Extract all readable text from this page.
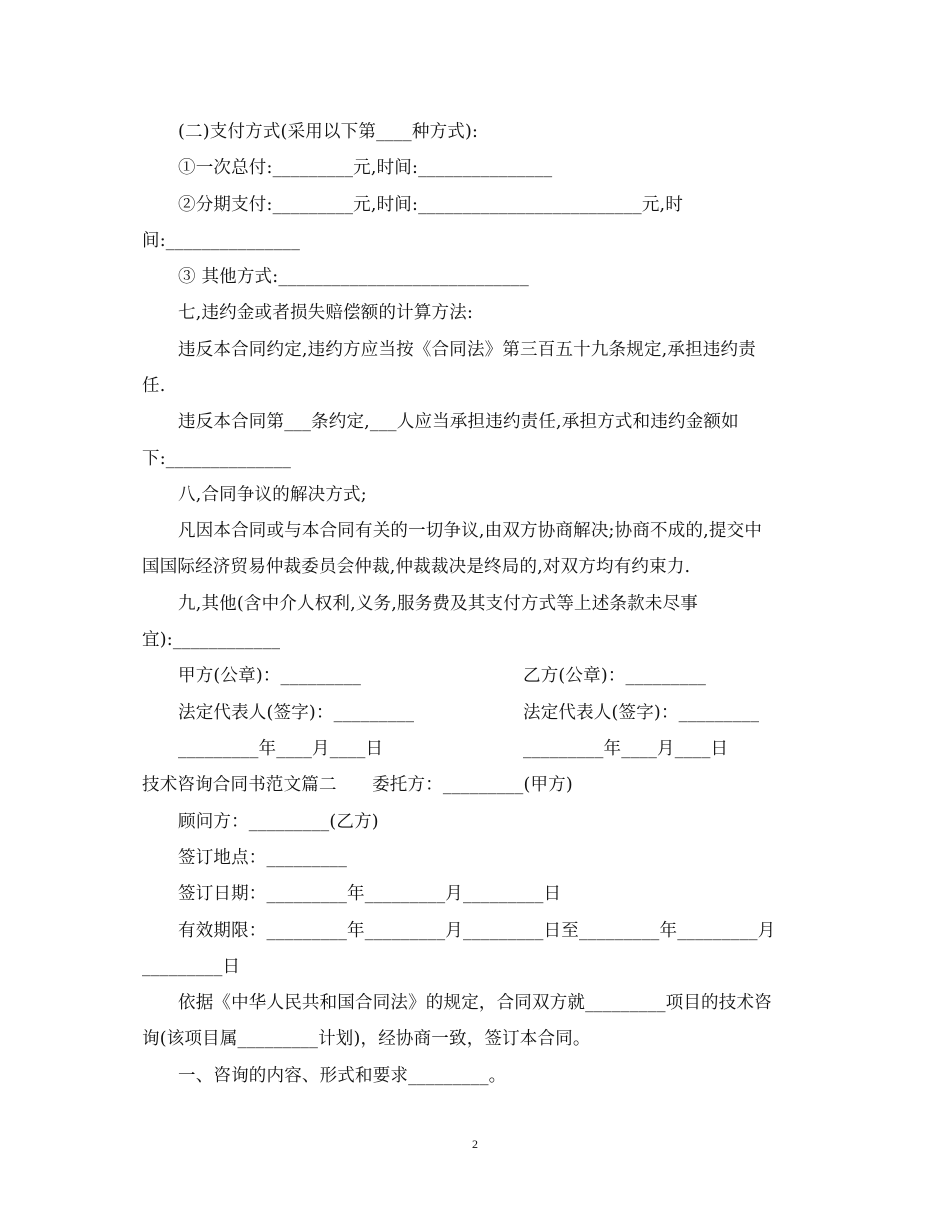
(二)支付方式(采用以下第____种方式):
①一次总付:_________元,时间:_______________
②分期支付:_________元,时间:_________________________元,时
间:_______________
③ 其他方式:____________________________
七,违约金或者损失赔偿额的计算方法:
违反本合同约定,违约方应当按《合同法》第三百五十九条规定,承担违约责
任.
违反本合同第___条约定,___人应当承担违约责任,承担方式和违约金额如
下:______________
八,合同争议的解决方式;
凡因本合同或与本合同有关的一切争议,由双方协商解决;协商不成的,提交中
国国际经济贸易仲裁委员会仲裁,仲裁裁决是终局的,对双方均有约束力.
九,其他(含中介人权利,义务,服务费及其支付方式等上述条款未尽事
宜):____________
甲方(公章)：_________	乙方(公章)：_________
法定代表人(签字)：_________	法定代表人(签字)：_________
_________年____月____日	_________年____月____日
技术咨询合同书范文篇二　　委托方：_________(甲方)
顾问方：_________(乙方)
签订地点：_________
签订日期：_________年_________月_________日
有效期限：_________年_________月_________日至_________年_________月
_________日
依据《中华人民共和国合同法》的规定，合同双方就_________项目的技术咨
询(该项目属_________计划)，经协商一致，签订本合同。
一、咨询的内容、形式和要求_________。
2
